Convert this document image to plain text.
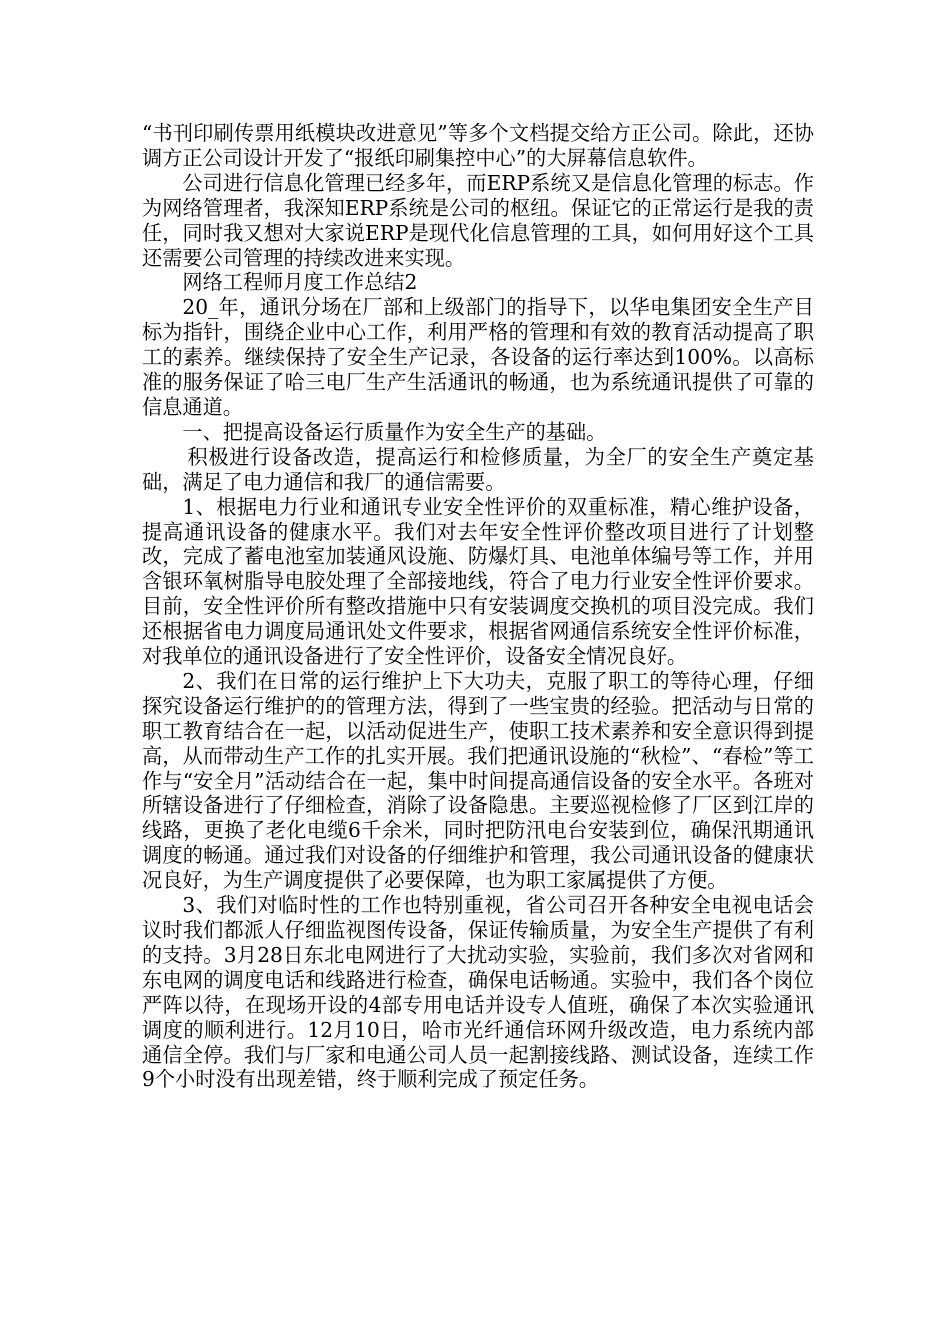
“书刊印刷传票用纸模块改进意见”等多个文档提交给方正公司。除此，还协调方正公司设计开发了“报纸印刷集控中心”的大屏幕信息软件。

公司进行信息化管理已经多年，而ERP系统又是信息化管理的标志。作为网络管理者，我深知ERP系统是公司的枢纽。保证它的正常运行是我的责任，同时我又想对大家说ERP是现代化信息管理的工具，如何用好这个工具还需要公司管理的持续改进来实现。

网络工程师月度工作总结2

20_年，通讯分场在厂部和上级部门的指导下，以华电集团安全生产目标为指针，围绕企业中心工作，利用严格的管理和有效的教育活动提高了职工的素养。继续保持了安全生产记录，各设备的运行率达到100%。以高标准的服务保证了哈三电厂生产生活通讯的畅通，也为系统通讯提供了可靠的信息通道。

一、把提高设备运行质量作为安全生产的基础。

积极进行设备改造，提高运行和检修质量，为全厂的安全生产奠定基础，满足了电力通信和我厂的通信需要。

1、根据电力行业和通讯专业安全性评价的双重标准，精心维护设备，提高通讯设备的健康水平。我们对去年安全性评价整改项目进行了计划整改，完成了蓄电池室加装通风设施、防爆灯具、电池单体编号等工作，并用含银环氧树脂导电胶处理了全部接地线，符合了电力行业安全性评价要求。目前，安全性评价所有整改措施中只有安装调度交换机的项目没完成。我们还根据省电力调度局通讯处文件要求，根据省网通信系统安全性评价标准，对我单位的通讯设备进行了安全性评价，设备安全情况良好。

2、我们在日常的运行维护上下大功夫，克服了职工的等待心理，仔细探究设备运行维护的的管理方法，得到了一些宝贵的经验。把活动与日常的职工教育结合在一起，以活动促进生产，使职工技术素养和安全意识得到提高，从而带动生产工作的扎实开展。我们把通讯设施的“秋检”、“春检”等工作与“安全月”活动结合在一起，集中时间提高通信设备的安全水平。各班对所辖设备进行了仔细检查，消除了设备隐患。主要巡视检修了厂区到江岸的线路，更换了老化电缆6千余米，同时把防汛电台安装到位，确保汛期通讯调度的畅通。通过我们对设备的仔细维护和管理，我公司通讯设备的健康状况良好，为生产调度提供了必要保障，也为职工家属提供了方便。

3、我们对临时性的工作也特别重视，省公司召开各种安全电视电话会议时我们都派人仔细监视图传设备，保证传输质量，为安全生产提供了有利的支持。3月28日东北电网进行了大扰动实验，实验前，我们多次对省网和东电网的调度电话和线路进行检查，确保电话畅通。实验中，我们各个岗位严阵以待，在现场开设的4部专用电话并设专人值班，确保了本次实验通讯调度的顺利进行。12月10日，哈市光纤通信环网升级改造，电力系统内部通信全停。我们与厂家和电通公司人员一起割接线路、测试设备，连续工作9个小时没有出现差错，终于顺利完成了预定任务。
